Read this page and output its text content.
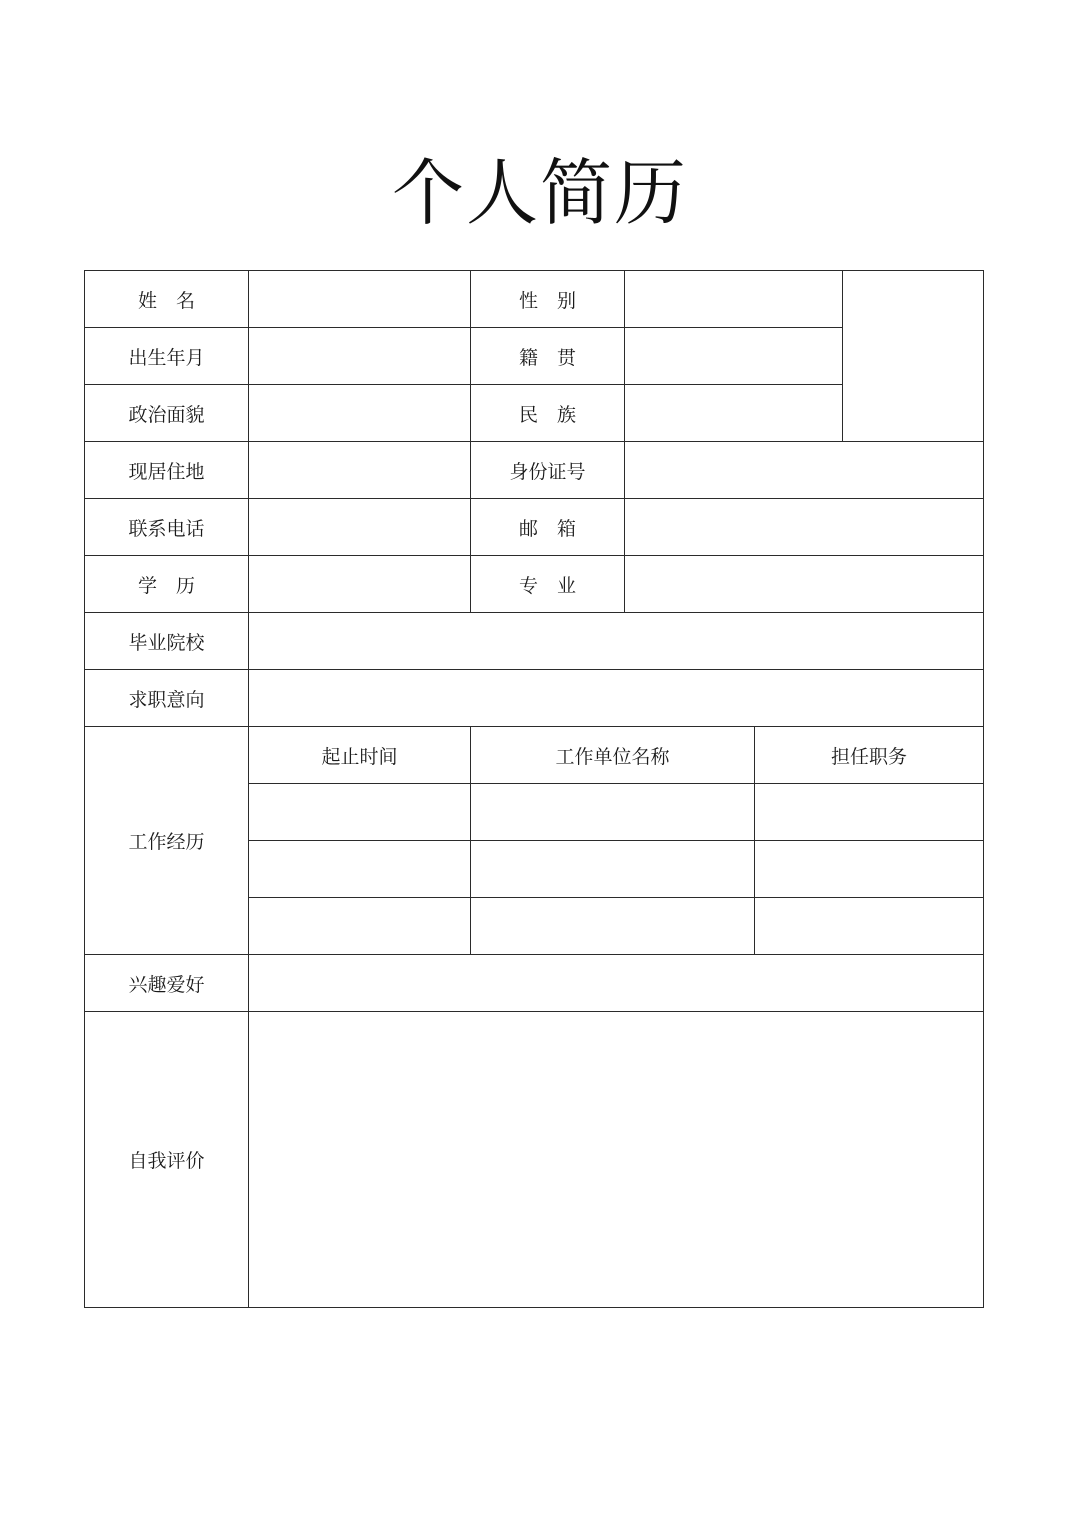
个人简历
姓　名		性　别			

出生年月		籍　贯			

政治面貌		民　族			

现居住地		身份证号			

联系电话		邮　箱			

学　历		专　业			

毕业院校					

求职意向					

工作经历	起止时间	工作单位名称		担任职务	

兴趣爱好					

自我评价					
